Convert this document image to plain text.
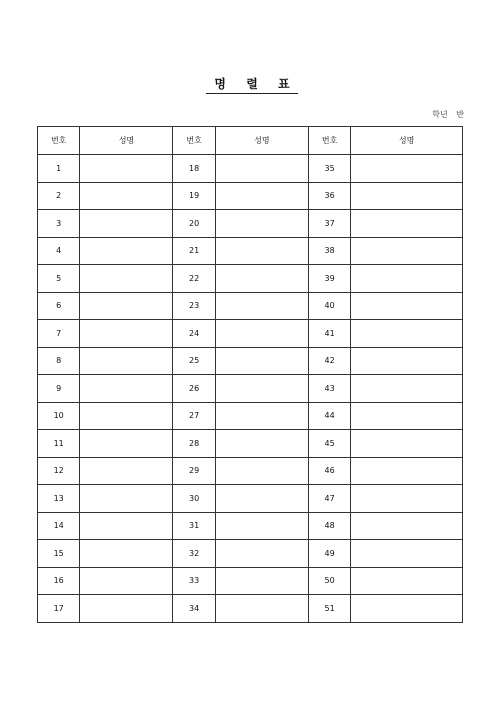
명 렬 표
학년 반
번호	성명	번호	성명	번호	성명
1		18		35	
2		19		36	
3		20		37	
4		21		38	
5		22		39	
6		23		40	
7		24		41	
8		25		42	
9		26		43	
10		27		44	
11		28		45	
12		29		46	
13		30		47	
14		31		48	
15		32		49	
16		33		50	
17		34		51	
